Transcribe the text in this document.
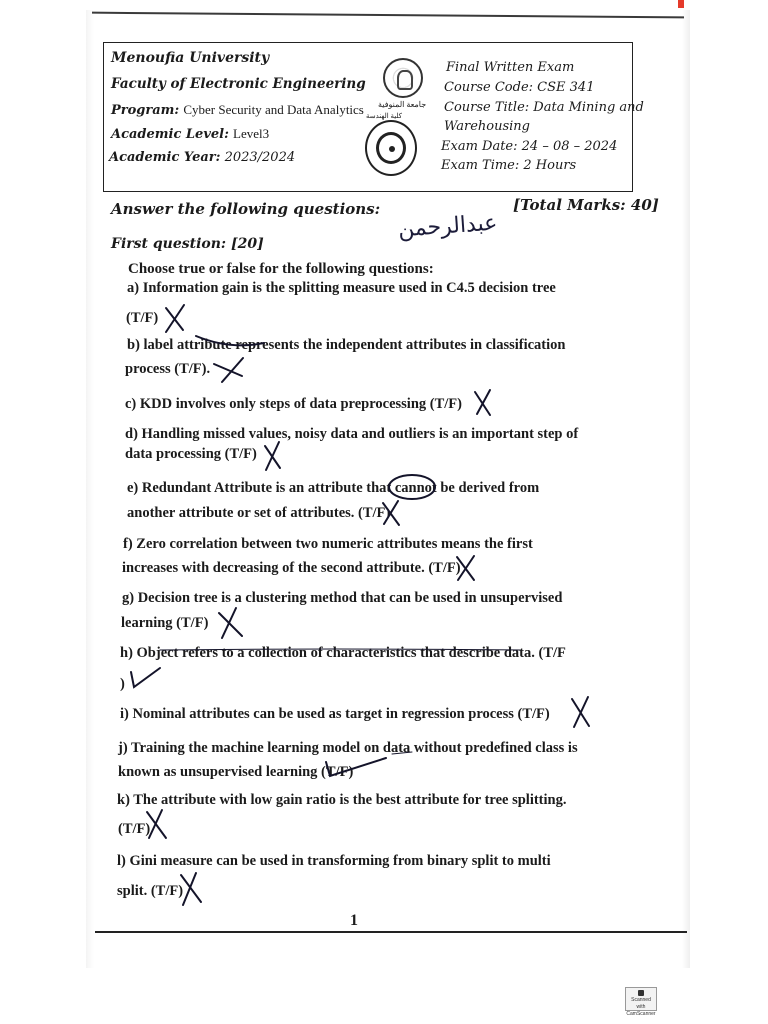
Menoufia University
Faculty of Electronic Engineering
Program: Cyber Security and Data Analytics
Academic Level: Level3
Academic Year: 2023/2024
ﺟﺎﻣﻌﺔ ﺍﻟﻤﻨﻮﻓﻴﺔ
ﻛﻠﻴﺔ ﺍﻟﻬﻨﺪﺳﺔ
Final Written Exam
Course Code: CSE 341
Course Title: Data Mining and
Warehousing
Exam Date: 24 – 08 – 2024
Exam Time: 2 Hours
Answer the following questions:	[Total Marks: 40]
First question: [20]
عبدالرحمن
Choose true or false for the following questions:
a) Information gain is the splitting measure used in C4.5 decision tree
(T/F)
b) label attribute represents the independent attributes in classification
process (T/F).
c) KDD involves only steps of data preprocessing (T/F)
d) Handling missed values, noisy data and outliers is an important step of
data processing (T/F)
e) Redundant Attribute is an attribute that cannot be derived from
another attribute or set of attributes. (T/F)
f) Zero correlation between two numeric attributes means the first
increases with decreasing of the second attribute. (T/F)
g) Decision tree is a clustering method that can be used in unsupervised
learning (T/F)
h) Object refers to a collection of characteristics that describe data. (T/F
)
i) Nominal attributes can be used as target in regression process (T/F)
j) Training the machine learning model on data without predefined class is
known as unsupervised learning (T/F)
k) The attribute with low gain ratio is the best attribute for tree splitting.
(T/F)
l) Gini measure can be used in transforming from binary split to multi
split. (T/F)
1

Scanned with CamScanner
